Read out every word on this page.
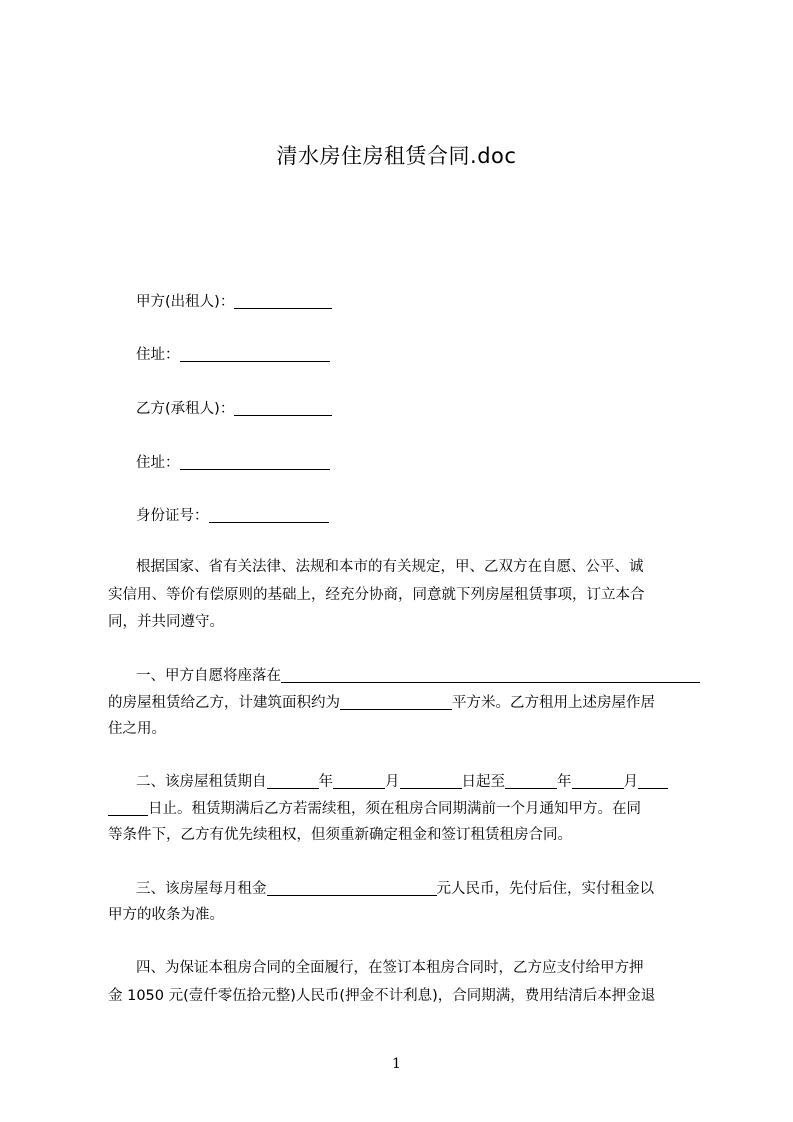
清水房住房租赁合同.doc
甲方(出租人)：
住址：
乙方(承租人)：
住址：
身份证号：
根据国家、省有关法律、法规和本市的有关规定，甲、乙双方在自愿、公平、诚
实信用、等价有偿原则的基础上，经充分协商，同意就下列房屋租赁事项，订立本合
同，并共同遵守。
一、甲方自愿将座落在
的房屋租赁给乙方，计建筑面积约为	平方米。乙方租用上述房屋作居
住之用。
二、该房屋租赁期自	年	月	日起至	年	月
日止。租赁期满后乙方若需续租，须在租房合同期满前一个月通知甲方。在同
等条件下，乙方有优先续租权，但须重新确定租金和签订租赁租房合同。
三、该房屋每月租金	元人民币，先付后住，实付租金以
甲方的收条为准。
四、为保证本租房合同的全面履行，在签订本租房合同时，乙方应支付给甲方押
金 1050 元(壹仟零伍拾元整)人民币(押金不计利息)，合同期满，费用结清后本押金退
1
